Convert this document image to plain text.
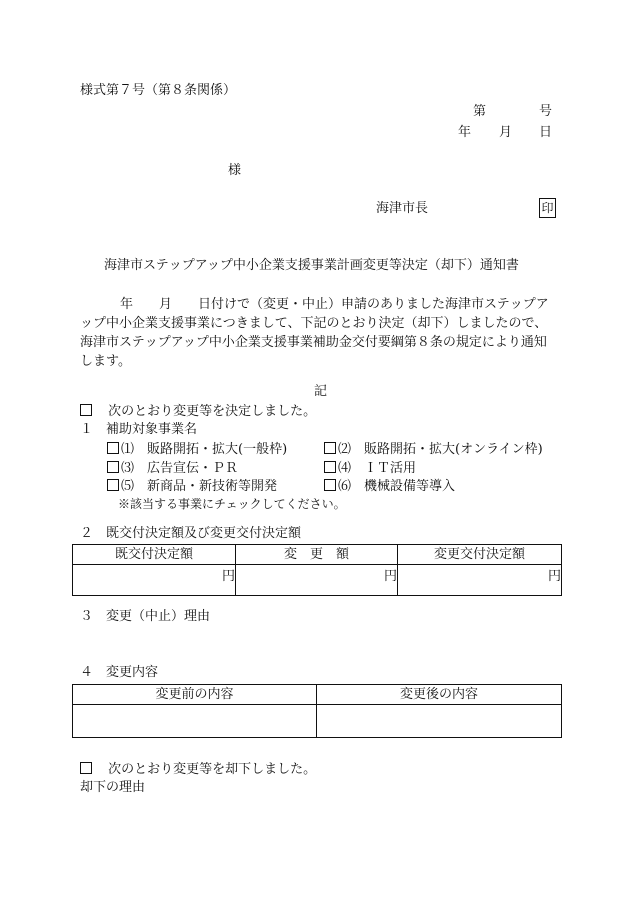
様式第７号（第８条関係）
第	号
年 月 日
様
海津市長	印
海津市ステップアップ中小企業支援事業計画変更等決定（却下）通知書

年　　月　　日付けで（変更・中止）申請のありました海津市ステップア

ップ中小企業支援事業につきまして、下記のとおり決定（却下）しましたので、

海津市ステップアップ中小企業支援事業補助金交付要綱第８条の規定により通知

します。

記
次のとおり変更等を決定しました。
１　補助対象事業名
⑴　販路開拓・拡大(一般枠)	⑵　販路開拓・拡大(オンライン枠)
⑶　広告宣伝・ＰＲ	⑷　ＩＴ活用
⑸　新商品・新技術等開発	⑹　機械設備等導入
※該当する事業にチェックしてください。
２　既交付決定額及び変更交付決定額
既交付決定額	変　更　額	変更交付決定額
円	円	円
３　変更（中止）理由
４　変更内容
変更前の内容	変更後の内容

次のとおり変更等を却下しました。
却下の理由
